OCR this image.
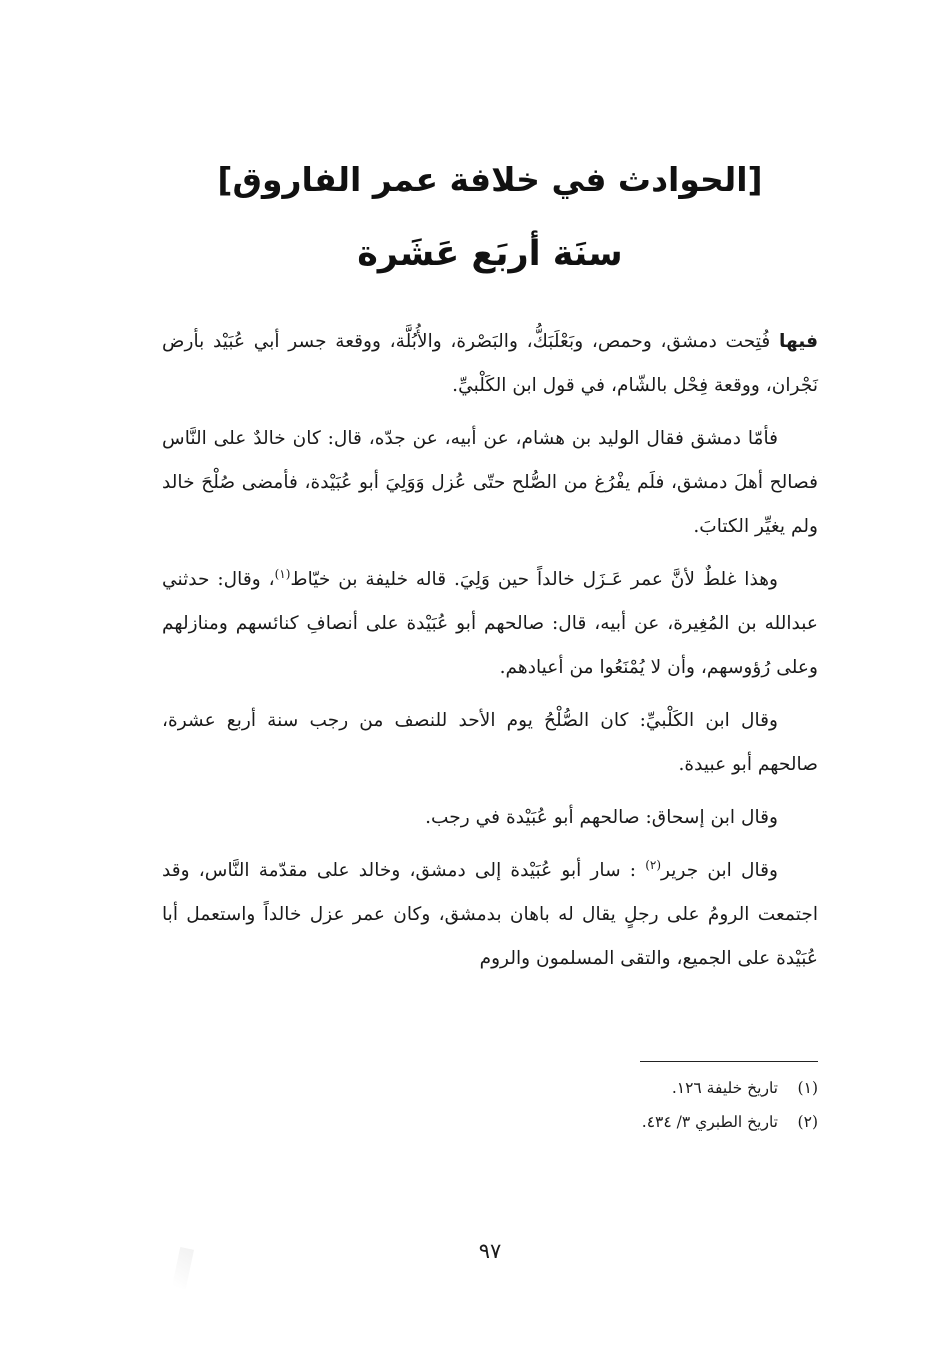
[الحوادث في خلافة عمر الفاروق]
سنَة أربَع عَشَرة

فيها فُتِحت دمشق، وحمص، وبَعْلَبَكُّ، والبَصْرة، والأُبُلَّة، ووقعة جسر أبي عُبَيْد بأرض نَجْران، ووقعة فِحْل بالشّام، في قول ابن الكَلْبيِّ.

فأمّا دمشق فقال الوليد بن هشام، عن أبيه، عن جدّه، قال: كان خالدٌ على النَّاس فصالح أهلَ دمشق، فلَم يفْرُغ من الصُّلح حتّى عُزل وَوَلِيَ أبو عُبَيْدة، فأمضى صُلْحَ خالد ولم يغيِّر الكتابَ.

وهذا غلطٌ لأنَّ عمر عَـزَل خالداً حين وَلِيَ. قاله خليفة بن خيّاط$^{(١)}$، وقال: حدثني عبدالله بن المُغِيرة، عن أبيه، قال: صالحهم أبو عُبَيْدة على أنصافِ كنائسهم ومنازلهم وعلى رُؤوسهم، وأن لا يُمْنَعُوا من أعيادهم.

وقال ابن الكَلْبيِّ: كان الصُّلْحُ يوم الأحد للنصف من رجب سنة أربع عشرة، صالحهم أبو عبيدة.

وقال ابن إسحاق: صالحهم أبو عُبَيْدة في رجب.

وقال ابن جرير$^{(٢)}$ : سار أبو عُبَيْدة إلى دمشق، وخالد على مقدّمة النَّاس، وقد اجتمعت الرومُ على رجلٍ يقال له باهان بدمشق، وكان عمر عزل خالداً واستعمل أبا عُبَيْدة على الجميع، والتقى المسلمون والروم

(١)تاريخ خليفة ١٢٦.

(٢)تاريخ الطبري ٣/ ٤٣٤.

٩٧
